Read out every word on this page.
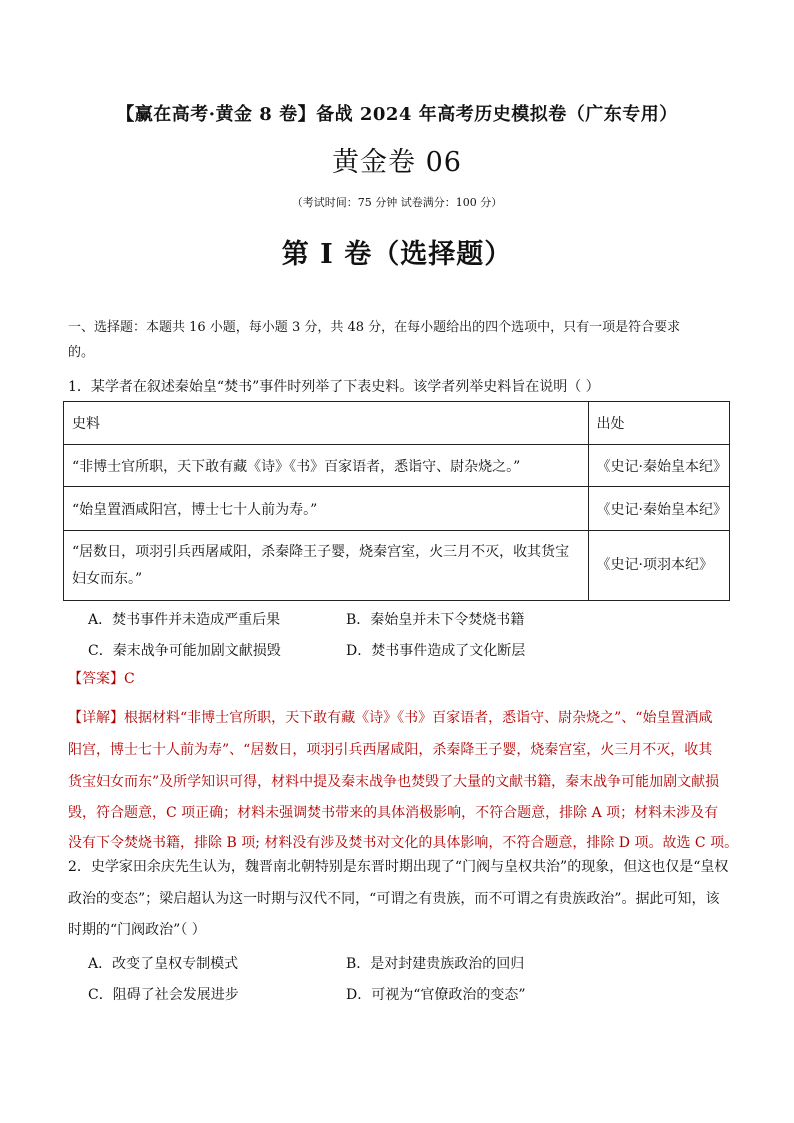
【赢在高考·黄金 8 卷】备战 2024 年高考历史模拟卷（广东专用）
黄金卷 06
（考试时间：75 分钟 试卷满分：100 分）
第 I 卷（选择题）
一、选择题：本题共 16 小题，每小题 3 分，共 48 分，在每小题给出的四个选项中，只有一项是符合要求
的。
1．某学者在叙述秦始皇“焚书”事件时列举了下表史料。该学者列举史料旨在说明（ ）
史料	出处
“非博士官所职，天下敢有藏《诗》《书》百家语者，悉诣守、尉杂烧之。”	《史记·秦始皇本纪》
“始皇置酒咸阳宫，博士七十人前为寿。”	《史记·秦始皇本纪》
“居数日，项羽引兵西屠咸阳，杀秦降王子婴，烧秦宫室，火三月不灭，收其货宝妇女而东。”	《史记·项羽本纪》
A．焚书事件并未造成严重后果	B．秦始皇并未下令焚烧书籍
C．秦末战争可能加剧文献损毁	D．焚书事件造成了文化断层
【答案】C
【详解】根据材料“非博士官所职，天下敢有藏《诗》《书》百家语者，悉诣守、尉杂烧之”、“始皇置酒咸
阳宫，博士七十人前为寿”、“居数日，项羽引兵西屠咸阳，杀秦降王子婴，烧秦宫室，火三月不灭，收其
货宝妇女而东”及所学知识可得，材料中提及秦末战争也焚毁了大量的文献书籍，秦末战争可能加剧文献损
毁，符合题意，C 项正确；材料未强调焚书带来的具体消极影响，不符合题意，排除 A 项；材料未涉及有
没有下令焚烧书籍，排除 B 项; 材料没有涉及焚书对文化的具体影响，不符合题意，排除 D 项。故选 C 项。
2．史学家田余庆先生认为，魏晋南北朝特别是东晋时期出现了“门阀与皇权共治”的现象，但这也仅是“皇权
政治的变态”；梁启超认为这一时期与汉代不同，“可谓之有贵族，而不可谓之有贵族政治”。据此可知，该
时期的“门阀政治”（ ）
A．改变了皇权专制模式	B．是对封建贵族政治的回归
C．阻碍了社会发展进步	D．可视为“官僚政治的变态”
